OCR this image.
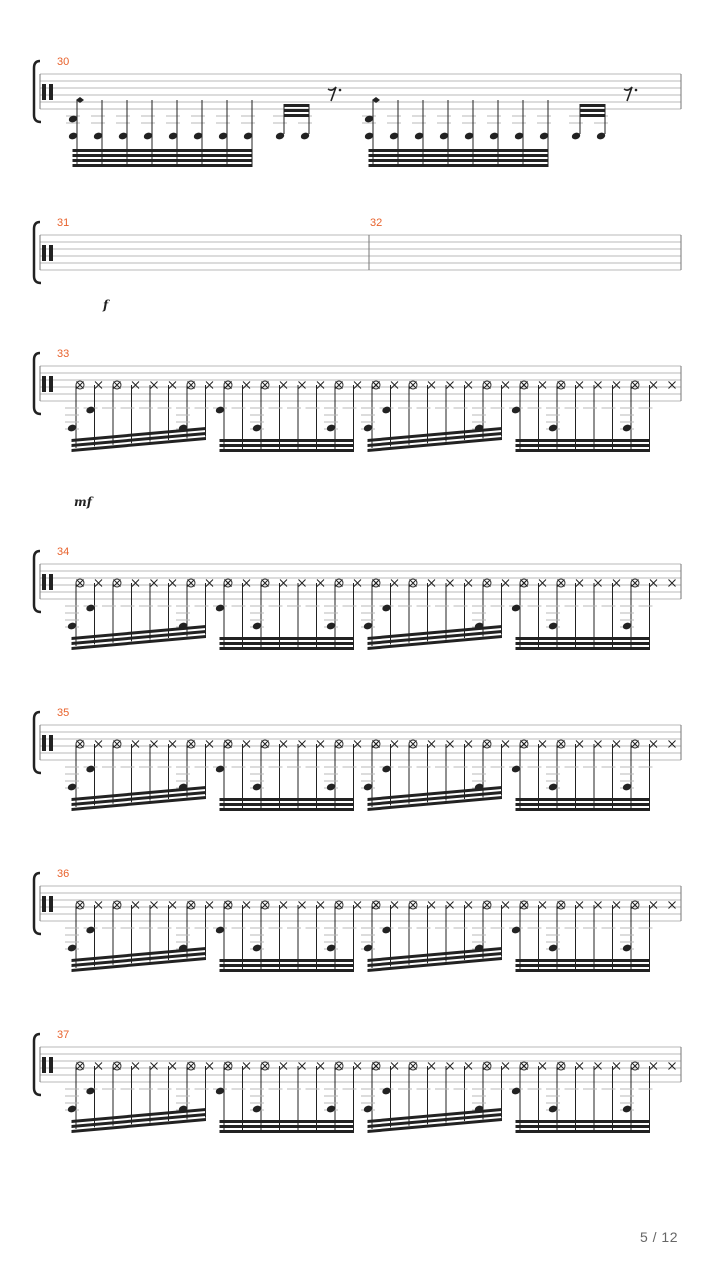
30
31	32
f
33
mf
34
35
36
37
5 / 12
